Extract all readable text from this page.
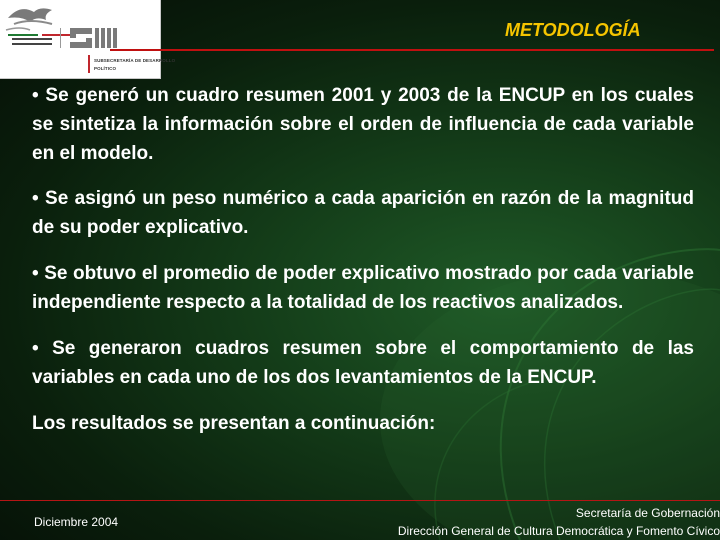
SUBSECRETARÍA DE DESARROLLO
POLÍTICO
METODOLOGÍA

• Se generó un cuadro resumen 2001 y 2003 de la ENCUP en los cuales se sintetiza la información sobre el orden de influencia de cada variable en el modelo.

• Se asignó un peso numérico a cada aparición en razón de la magnitud de su poder explicativo.

• Se obtuvo el promedio de poder explicativo mostrado por cada variable independiente respecto a la totalidad de los reactivos analizados.

• Se generaron cuadros resumen sobre el comportamiento de las variables en cada uno de los dos levantamientos de la ENCUP.

Los resultados se presentan a continuación:

Diciembre 2004
Secretaría de Gobernación
Dirección General de Cultura Democrática y Fomento Cívico
